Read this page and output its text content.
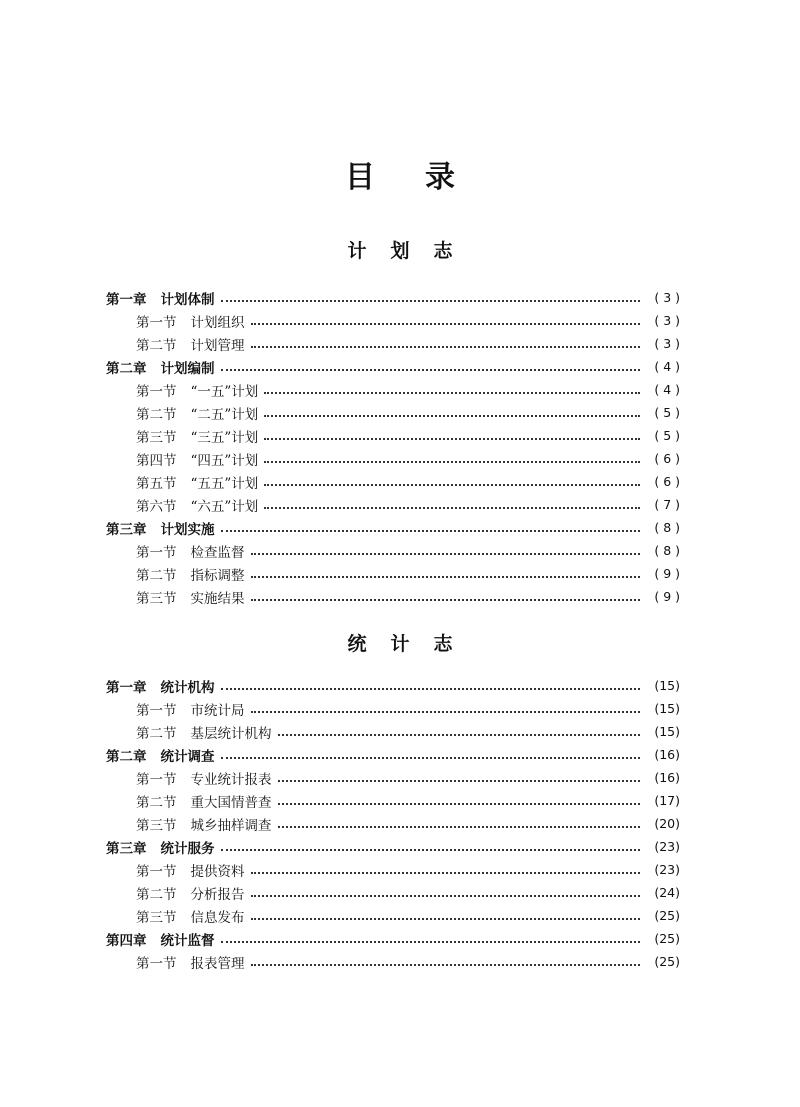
目录
计划志
第一章 计划体制	( 3 )
第一节 计划组织	( 3 )
第二节 计划管理	( 3 )
第二章 计划编制	( 4 )
第一节 “一五”计划	( 4 )
第二节 “二五”计划	( 5 )
第三节 “三五”计划	( 5 )
第四节 “四五”计划	( 6 )
第五节 “五五”计划	( 6 )
第六节 “六五”计划	( 7 )
第三章 计划实施	( 8 )
第一节 检查监督	( 8 )
第二节 指标调整	( 9 )
第三节 实施结果	( 9 )
统计志
第一章 统计机构	(15)
第一节 市统计局	(15)
第二节 基层统计机构	(15)
第二章 统计调查	(16)
第一节 专业统计报表	(16)
第二节 重大国情普查	(17)
第三节 城乡抽样调查	(20)
第三章 统计服务	(23)
第一节 提供资料	(23)
第二节 分析报告	(24)
第三节 信息发布	(25)
第四章 统计监督	(25)
第一节 报表管理	(25)
